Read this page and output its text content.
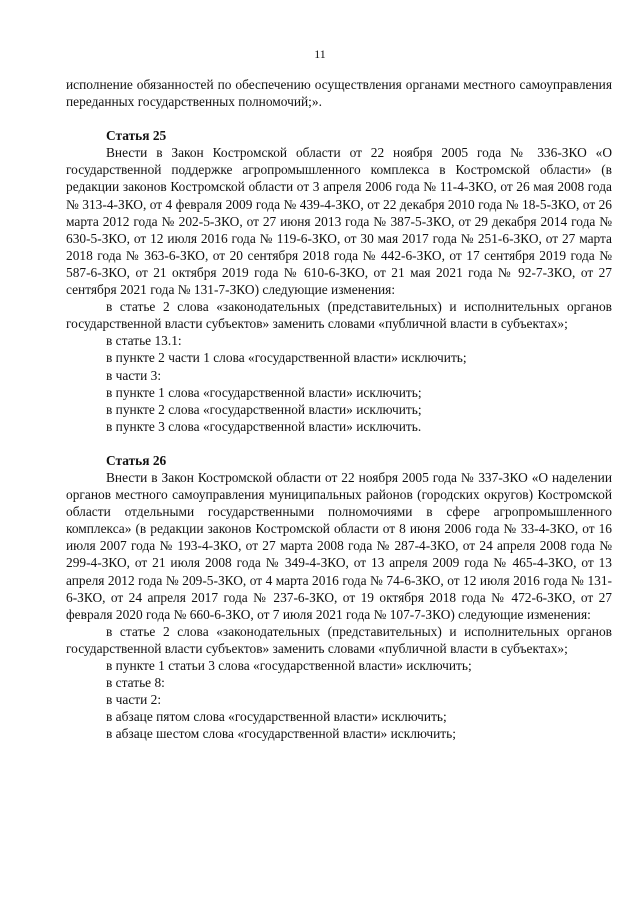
11

исполнение обязанностей по обеспечению осуществления органами местного самоуправления переданных государственных полномочий;».

Статья 25

Внести в Закон Костромской области от 22 ноября 2005 года № 336-ЗКО «О государственной поддержке агропромышленного комплекса в Костромской области» (в редакции законов Костромской области от 3 апреля 2006 года № 11-4-ЗКО, от 26 мая 2008 года № 313-4-ЗКО, от 4 февраля 2009 года № 439-4-ЗКО, от 22 декабря 2010 года № 18-5-ЗКО, от 26 марта 2012 года № 202-5-ЗКО, от 27 июня 2013 года № 387-5-ЗКО, от 29 декабря 2014 года № 630-5-ЗКО, от 12 июля 2016 года № 119-6-ЗКО, от 30 мая 2017 года № 251-6-ЗКО, от 27 марта 2018 года № 363-6-ЗКО, от 20 сентября 2018 года № 442-6-ЗКО, от 17 сентября 2019 года № 587-6-ЗКО, от 21 октября 2019 года № 610-6-ЗКО, от 21 мая 2021 года № 92-7-ЗКО, от 27 сентября 2021 года № 131-7-ЗКО) следующие изменения:

в статье 2 слова «законодательных (представительных) и исполнительных органов государственной власти субъектов» заменить словами «публичной власти в субъектах»;

в статье 13.1:

в пункте 2 части 1 слова «государственной власти» исключить;

в части 3:

в пункте 1 слова «государственной власти» исключить;

в пункте 2 слова «государственной власти» исключить;

в пункте 3 слова «государственной власти» исключить.

Статья 26

Внести в Закон Костромской области от 22 ноября 2005 года № 337-ЗКО «О наделении органов местного самоуправления муниципальных районов (городских округов) Костромской области отдельными государственными полномочиями в сфере агропромышленного комплекса» (в редакции законов Костромской области от 8 июня 2006 года № 33-4-ЗКО, от 16 июля 2007 года № 193-4-ЗКО, от 27 марта 2008 года № 287-4-ЗКО, от 24 апреля 2008 года № 299-4-ЗКО, от 21 июля 2008 года № 349-4-ЗКО, от 13 апреля 2009 года № 465-4-ЗКО, от 13 апреля 2012 года № 209-5-ЗКО, от 4 марта 2016 года № 74-6-ЗКО, от 12 июля 2016 года № 131-6-ЗКО, от 24 апреля 2017 года № 237-6-ЗКО, от 19 октября 2018 года № 472-6-ЗКО, от 27 февраля 2020 года № 660-6-ЗКО, от 7 июля 2021 года № 107-7-ЗКО) следующие изменения:

в статье 2 слова «законодательных (представительных) и исполнительных органов государственной власти субъектов» заменить словами «публичной власти в субъектах»;

в пункте 1 статьи 3 слова «государственной власти» исключить;

в статье 8:

в части 2:

в абзаце пятом слова «государственной власти» исключить;

в абзаце шестом слова «государственной власти» исключить;
